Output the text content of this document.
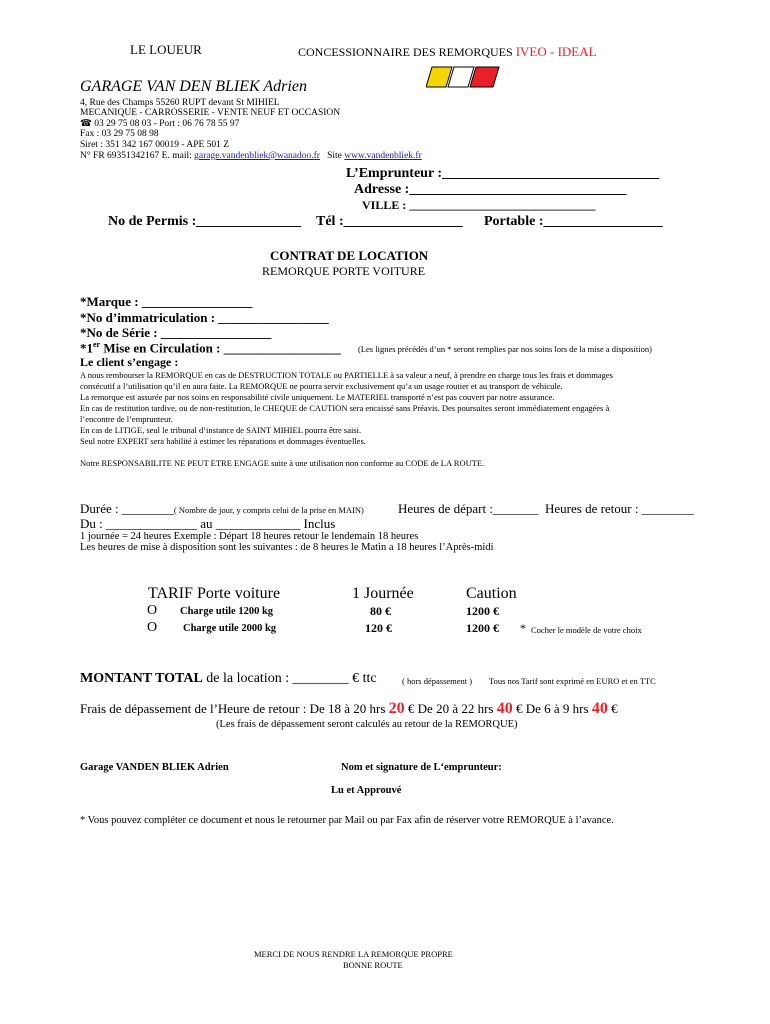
LE LOUEUR	CONCESSIONNAIRE DES REMORQUES IVEO - IDEAL
GARAGE VAN DEN BLIEK Adrien
4, Rue des Champs 55260 RUPT devant St MIHIEL
MECANIQUE - CARROSSERIE - VENTE NEUF ET OCCASION
☎ 03 29 75 08 03 - Port : 06 76 78 55 97
Fax : 03 29 75 08 98
Siret : 351 342 167 00019 - APE 501 Z
N° FR 69351342167 E. mail: garage.vandenbliek@wanadoo.fr Site www.vandenbliek.fr
L’Emprunteur :_______________________________
Adresse :_______________________________
VILLE : _______________________________
No de Permis :_______________ Tél :_________________ Portable :_________________
CONTRAT DE LOCATION
REMORQUE PORTE VOITURE
*Marque : _________________
*No d’immatriculation : _________________
*No de Série : _________________
*1er Mise en Circulation : __________________ (Les lignes précédés d’un * seront remplies par nos soins lors de la mise a disposition)
Le client s’engage :
A nous rembourser la REMORQUE en cas de DESTRUCTION TOTALE ou PARTIELLE à sa valeur a neuf, à prendre en charge tous les frais et dommages
consécutif a l’utilisation qu’il en aura faite. La REMORQUE ne pourra servir exclusivement qu’a un usage routier et au transport de véhicule.
La remorque est assurée par nos soins en responsabilité civile uniquement. Le MATERIEL transporté n’est pas couvert par notre assurance.
En cas de restitution tardive, ou de non-restitution, le CHEQUE de CAUTION sera encaissé sans Préavis. Des poursuites seront immédiatement engagées à
l’encontre de l’emprunteur.
En cas de LITIGE, seul le tribunal d’instance de SAINT MIHIEL pourra être saisi.
Seul notre EXPERT sera habilité à estimer les réparations et dommages éventuelles.
Notre RESPONSABILITE NE PEUT ETRE ENGAGE suite à une utilisation non conforme au CODE de LA ROUTE.
Durée : ________( Nombre de jour, y compris celui de la prise en MAIN)	Heures de départ :_______ Heures de retour : ________
Du : ______________ au _____________ Inclus
1 journée = 24 heures Exemple : Départ 18 heures retour le lendemain 18 heures
Les heures de mise à disposition sont les suivantes : de 8 heures le Matin a 18 heures l’Après-midi
TARIF Porte voiture	1 Journée	Caution
O Charge utile 1200 kg	80 €	1200 €
O Charge utile 2000 kg	120 €	1200 € * Cocher le modèle de votre choix
MONTANT TOTAL de la location : ________ € ttc	( hors dépassement ) Tous nos Tarif sont exprimé en EURO et en TTC
Frais de dépassement de l’Heure de retour : De 18 à 20 hrs 20 € De 20 à 22 hrs 40 € De 6 à 9 hrs 40 €
(Les frais de dépassement seront calculés au retour de la REMORQUE)
Garage VANDEN BLIEK Adrien	Nom et signature de L‘emprunteur:
Lu et Approuvé
* Vous pouvez compléter ce document et nous le retourner par Mail ou par Fax afin de réserver votre REMORQUE à l’avance.
MERCI DE NOUS RENDRE LA REMORQUE PROPRE
BONNE ROUTE
